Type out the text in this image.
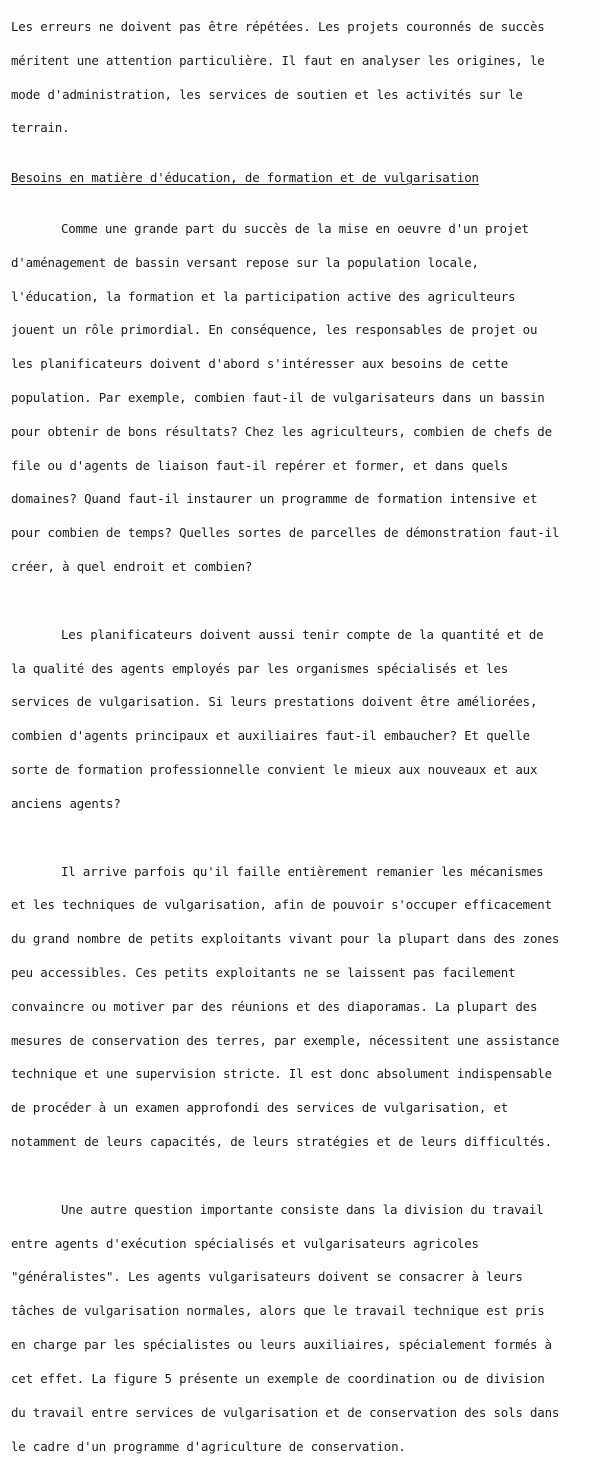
Les erreurs ne doivent pas être répétées. Les projets couronnés de succès

méritent une attention particulière. Il faut en analyser les origines, le

mode d'administration, les services de soutien et les activités sur le

terrain.

Besoins en matière d'éducation, de formation et de vulgarisation

Comme une grande part du succès de la mise en oeuvre d'un projet

d'aménagement de bassin versant repose sur la population locale,

l'éducation, la formation et la participation active des agriculteurs

jouent un rôle primordial. En conséquence, les responsables de projet ou

les planificateurs doivent d'abord s'intéresser aux besoins de cette

population. Par exemple, combien faut-il de vulgarisateurs dans un bassin

pour obtenir de bons résultats? Chez les agriculteurs, combien de chefs de

file ou d'agents de liaison faut-il repérer et former, et dans quels

domaines? Quand faut-il instaurer un programme de formation intensive et

pour combien de temps? Quelles sortes de parcelles de démonstration faut-il

créer, à quel endroit et combien?

Les planificateurs doivent aussi tenir compte de la quantité et de

la qualité des agents employés par les organismes spécialisés et les

services de vulgarisation. Si leurs prestations doivent être améliorées,

combien d'agents principaux et auxiliaires faut-il embaucher? Et quelle

sorte de formation professionnelle convient le mieux aux nouveaux et aux

anciens agents?

Il arrive parfois qu'il faille entièrement remanier les mécanismes

et les techniques de vulgarisation, afin de pouvoir s'occuper efficacement

du grand nombre de petits exploitants vivant pour la plupart dans des zones

peu accessibles. Ces petits exploitants ne se laissent pas facilement

convaincre ou motiver par des réunions et des diaporamas. La plupart des

mesures de conservation des terres, par exemple, nécessitent une assistance

technique et une supervision stricte. Il est donc absolument indispensable

de procéder à un examen approfondi des services de vulgarisation, et

notamment de leurs capacités, de leurs stratégies et de leurs difficultés.

Une autre question importante consiste dans la division du travail

entre agents d'exécution spécialisés et vulgarisateurs agricoles

"généralistes". Les agents vulgarisateurs doivent se consacrer à leurs

tâches de vulgarisation normales, alors que le travail technique est pris

en charge par les spécialistes ou leurs auxiliaires, spécialement formés à

cet effet. La figure 5 présente un exemple de coordination ou de division

du travail entre services de vulgarisation et de conservation des sols dans

le cadre d'un programme d'agriculture de conservation.
